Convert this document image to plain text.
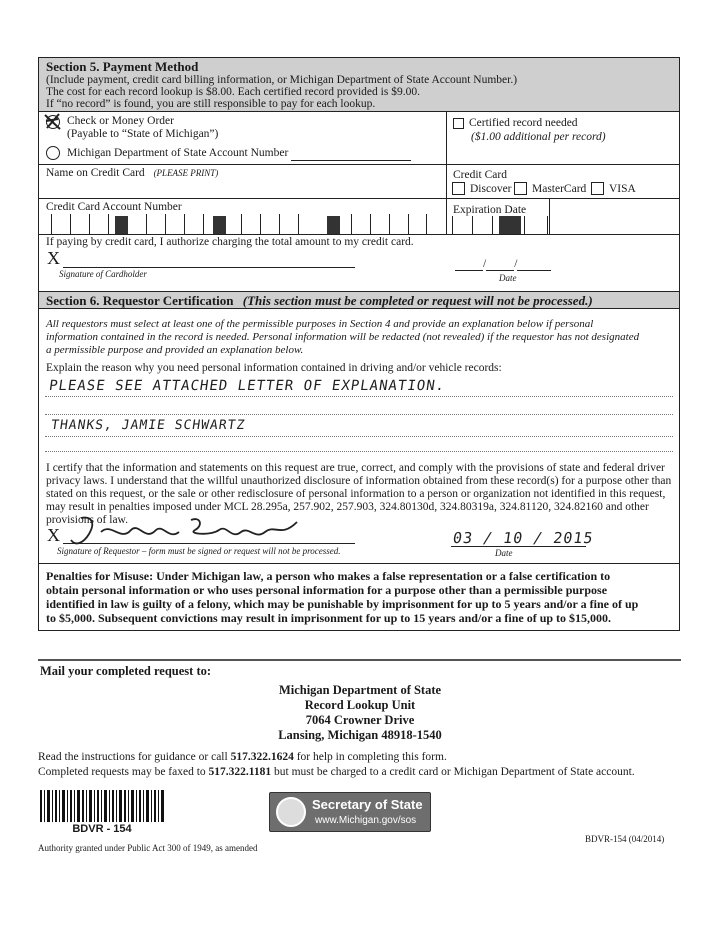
Section 5. Payment Method
(Include payment, credit card billing information, or Michigan Department of State Account Number.)
The cost for each record lookup is $8.00. Each certified record provided is $9.00.
If “no record” is found, you are still responsible to pay for each lookup.
Check or Money Order
(Payable to “State of Michigan”)
Michigan Department of State Account Number
Certified record needed
($1.00 additional per record)
Name on Credit Card (PLEASE PRINT)	Credit Card
Discover MasterCard VISA
Credit Card Account Number	Expiration Date
If paying by credit card, I authorize charging the total amount to my credit card.
X
Signature of Cardholder
/ /
Date
Section 6. Requestor Certification (This section must be completed or request will not be processed.)
All requestors must select at least one of the permissible purposes in Section 4 and provide an explanation below if personal
information contained in the record is needed. Personal information will be redacted (not revealed) if the requestor has not designated
a permissible purpose and provided an explanation below.
Explain the reason why you need personal information contained in driving and/or vehicle records:
PLEASE SEE ATTACHED LETTER OF EXPLANATION.
THANKS, JAMIE SCHWARTZ
I certify that the information and statements on this request are true, correct, and comply with the provisions of state and federal driver
privacy laws. I understand that the willful unauthorized disclosure of information obtained from these record(s) for a purpose other than
stated on this request, or the sale or other redisclosure of personal information to a person or organization not identified in this request,
may result in penalties imposed under MCL 28.295a, 257.902, 257.903, 324.80130d, 324.80319a, 324.81120, 324.82160 and other
provisions of law.
X
Signature of Requestor – form must be signed or request will not be processed.
03 / 10 / 2015
Date
Penalties for Misuse: Under Michigan law, a person who makes a false representation or a false certification to
obtain personal information or who uses personal information for a purpose other than a permissible purpose
identified in law is guilty of a felony, which may be punishable by imprisonment for up to 5 years and/or a fine of up
to $5,000. Subsequent convictions may result in imprisonment for up to 15 years and/or a fine of up to $15,000.
Mail your completed request to:
Michigan Department of State
Record Lookup Unit
7064 Crowner Drive
Lansing, Michigan 48918-1540
Read the instructions for guidance or call 517.322.1624 for help in completing this form.
Completed requests may be faxed to 517.322.1181 but must be charged to a credit card or Michigan Department of State account.
BDVR - 154
Authority granted under Public Act 300 of 1949, as amended
Secretary of State
www.Michigan.gov/sos
BDVR-154 (04/2014)
